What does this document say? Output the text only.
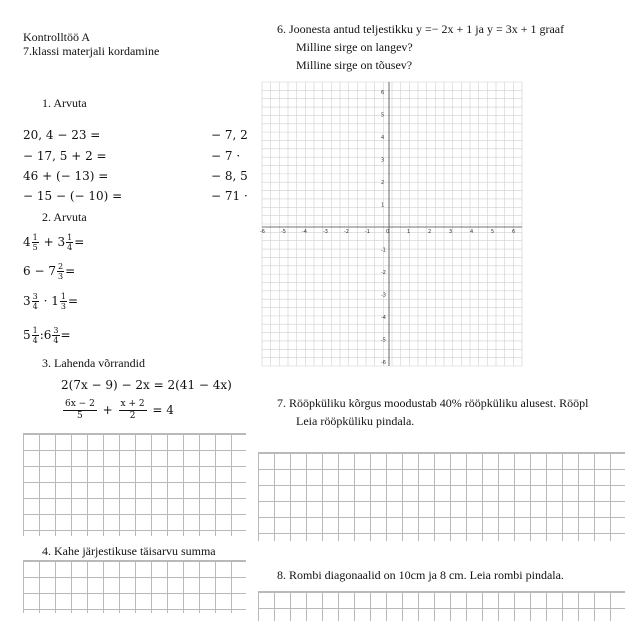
Kontrolltöö A
7.klassi materjali kordamine
1. Arvuta
20, 4 − 23 =
− 17, 5 + 2 =
46 + (− 13) =
− 15 − (− 10) =
− 7, 2
− 7 ·
− 8, 5
− 71 ·
2. Arvuta
$4 \frac{1}{5} + 3 \frac{1}{4}$ =
$6 - 7 \frac{2}{3}$ =
$3 \frac{3}{4} \cdot 1 \frac{1}{3}$ =
$5 \frac{1}{4}$ :6 $\frac{3}{4}$ =
3. Lahenda võrrandid
2(7x − 9) − 2x = 2(41 − 4x)
$\frac{6x - 2}{5} + \frac{x + 2}{2} = 4$
4. Kahe järjestikuse täisarvu summa
6. Joonesta antud teljestikku y =− 2x + 1 ja y = 3x + 1 graaf
Milline sirge on langev?
Milline sirge on tõusev?
-6	-5	-4	-3	-2	-1	0	1	2	3	4	5	6
6
5
4
3
2
1
-1
-2
-3
-4
-5
-6
7. Rööpküliku kõrgus moodustab 40% rööpküliku alusest. Rööpl
Leia rööpküliku pindala.
8. Rombi diagonaalid on 10cm ja 8 cm. Leia rombi pindala.
